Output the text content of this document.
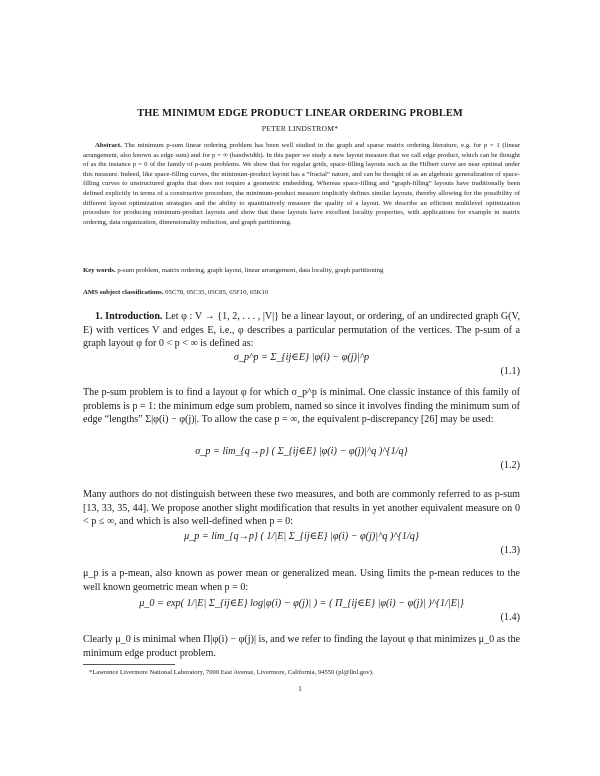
THE MINIMUM EDGE PRODUCT LINEAR ORDERING PROBLEM
PETER LINDSTROM*
Abstract. The minimum p-sum linear ordering problem has been well studied in the graph and sparse matrix ordering literature, e.g. for p = 1 (linear arrangement, also known as edge sum) and for p = ∞ (bandwidth). In this paper we study a new layout measure that we call edge product, which can be thought of as the instance p = 0 of the family of p-sum problems. We show that for regular grids, space-filling layouts such as the Hilbert curve are near optimal under this measure. Indeed, like space-filling curves, the minimum-product layout has a “fractal” nature, and can be thought of as an algebraic generalization of space-filling curves to unstructured graphs that does not require a geometric embedding. Whereas space-filling and “graph-filling” layouts have traditionally been defined explicitly in terms of a constructive procedure, the minimum-product measure implicitly defines similar layouts, thereby allowing for the possibility of different layout optimization strategies and the ability to quantitatively measure the quality of a layout. We describe an efficient multilevel optimization procedure for producing minimum-product layouts and show that these layouts have excellent locality properties, with applications for example in matrix ordering, data organization, dimensionality reduction, and graph partitioning.
Key words. p-sum problem, matrix ordering, graph layout, linear arrangement, data locality, graph partitioning
AMS subject classifications. 05C78, 05C35, 05C85, 65F10, 65K10
1. Introduction. Let φ : V → {1, 2, . . . , |V|} be a linear layout, or ordering, of an undirected graph G(V, E) with vertices V and edges E, i.e., φ describes a particular permutation of the vertices. The p-sum of a graph layout φ for 0 < p < ∞ is defined as:
σ_p^p = Σ_{ij∈E} |φ(i) − φ(j)|^p
(1.1)
The p-sum problem is to find a layout φ for which σ_p^p is minimal. One classic instance of this family of problems is p = 1: the minimum edge sum problem, named so since it involves finding the minimum sum of edge “lengths” Σ|φ(i) − φ(j)|. To allow the case p = ∞, the equivalent p-discrepancy [26] may be used:
σ_p = lim_{q→p} ( Σ_{ij∈E} |φ(i) − φ(j)|^q )^{1/q}
(1.2)
Many authors do not distinguish between these two measures, and both are commonly referred to as p-sum [13, 33, 35, 44]. We propose another slight modification that results in yet another equivalent measure on 0 < p ≤ ∞, and which is also well-defined when p = 0:
μ_p = lim_{q→p} ( 1/|E| Σ_{ij∈E} |φ(i) − φ(j)|^q )^{1/q}
(1.3)
μ_p is a p-mean, also known as power mean or generalized mean. Using limits the p-mean reduces to the well known geometric mean when p = 0:
μ_0 = exp( 1/|E| Σ_{ij∈E} log|φ(i) − φ(j)| ) = ( Π_{ij∈E} |φ(i) − φ(j)| )^{1/|E|}
(1.4)
Clearly μ_0 is minimal when Π|φ(i) − φ(j)| is, and we refer to finding the layout φ that minimizes μ_0 as the minimum edge product problem.
*Lawrence Livermore National Laboratory, 7000 East Avenue, Livermore, California, 94550 (pl@llnl.gov).
1
